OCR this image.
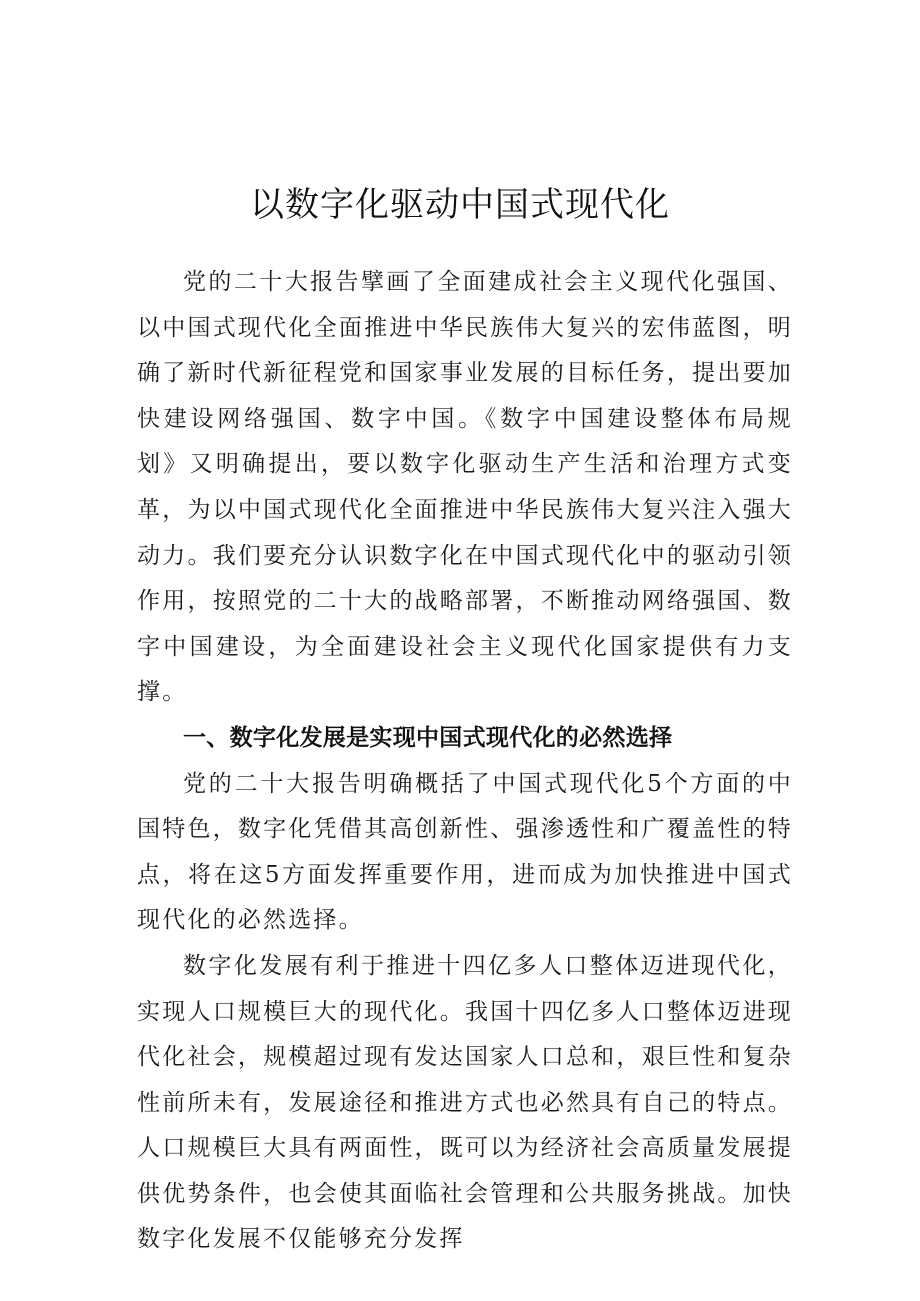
以数字化驱动中国式现代化

党的二十大报告擘画了全面建成社会主义现代化强国、以中国式现代化全面推进中华民族伟大复兴的宏伟蓝图，明确了新时代新征程党和国家事业发展的目标任务，提出要加快建设网络强国、数字中国。《数字中国建设整体布局规划》又明确提出，要以数字化驱动生产生活和治理方式变革，为以中国式现代化全面推进中华民族伟大复兴注入强大动力。我们要充分认识数字化在中国式现代化中的驱动引领作用，按照党的二十大的战略部署，不断推动网络强国、数字中国建设，为全面建设社会主义现代化国家提供有力支撑。

一、数字化发展是实现中国式现代化的必然选择

党的二十大报告明确概括了中国式现代化5个方面的中国特色，数字化凭借其高创新性、强渗透性和广覆盖性的特点，将在这5方面发挥重要作用，进而成为加快推进中国式现代化的必然选择。

数字化发展有利于推进十四亿多人口整体迈进现代化，实现人口规模巨大的现代化。我国十四亿多人口整体迈进现代化社会，规模超过现有发达国家人口总和，艰巨性和复杂性前所未有，发展途径和推进方式也必然具有自己的特点。人口规模巨大具有两面性，既可以为经济社会高质量发展提供优势条件，也会使其面临社会管理和公共服务挑战。加快数字化发展不仅能够充分发挥
